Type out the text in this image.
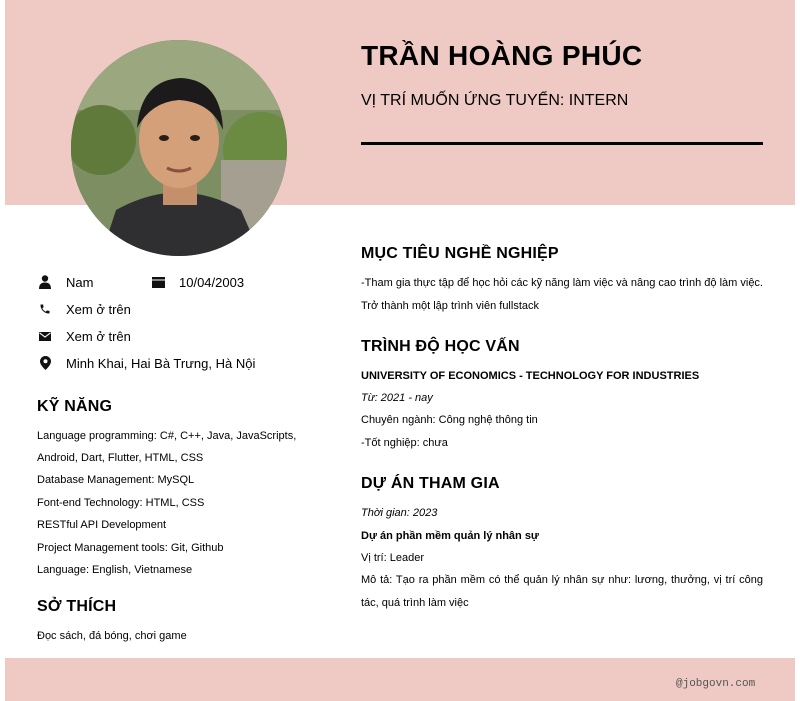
TRẦN HOÀNG PHÚC
VỊ TRÍ MUỐN ỨNG TUYỂN: INTERN
Nam	10/04/2003
Xem ở trên
Xem ở trên
Minh Khai, Hai Bà Trưng, Hà Nội
KỸ NĂNG
Language programming: C#, C++, Java, JavaScripts,
Android, Dart, Flutter, HTML, CSS
Database Management: MySQL
Font-end Technology: HTML, CSS
RESTful API Development
Project Management tools: Git, Github
Language: English, Vietnamese
SỞ THÍCH
Đọc sách, đá bóng, chơi game
MỤC TIÊU NGHỀ NGHIỆP
-Tham gia thực tập để học hỏi các kỹ năng làm việc và nâng cao trình độ làm việc. Trở thành một lập trình viên fullstack
TRÌNH ĐỘ HỌC VẤN
UNIVERSITY OF ECONOMICS - TECHNOLOGY FOR INDUSTRIES
Từ: 2021 - nay
Chuyên ngành: Công nghệ thông tin
-Tốt nghiệp: chưa
DỰ ÁN THAM GIA
Thời gian: 2023
Dự án phần mềm quản lý nhân sự
Vị trí: Leader
Mô tả: Tạo ra phần mềm có thể quản lý nhân sự như: lương, thưởng, vị trí công tác, quá trình làm việc
@jobgovn.com
